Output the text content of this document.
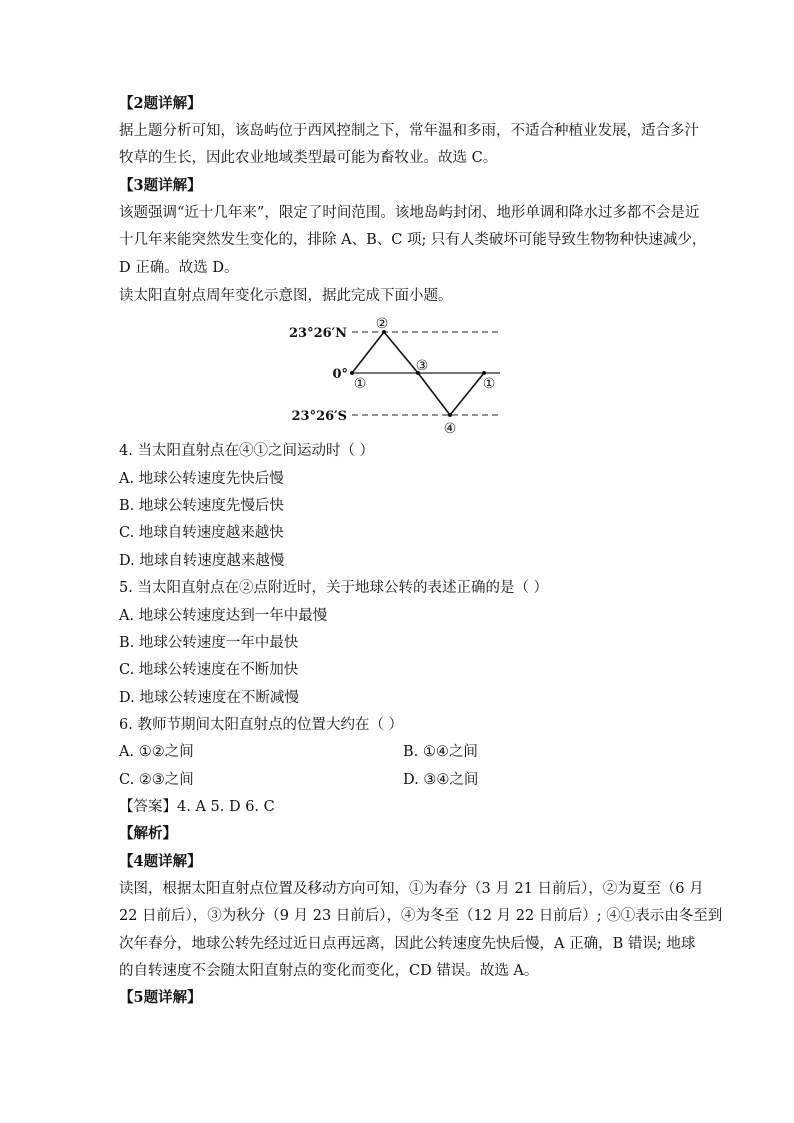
【2题详解】
据上题分析可知，该岛屿位于西风控制之下，常年温和多雨，不适合种植业发展，适合多汁
牧草的生长，因此农业地域类型最可能为畜牧业。故选 C。
【3题详解】
该题强调“近十几年来”，限定了时间范围。该地岛屿封闭、地形单调和降水过多都不会是近
十几年来能突然发生变化的，排除 A、B、C 项; 只有人类破坏可能导致生物物种快速减少，
D 正确。故选 D。
读太阳直射点周年变化示意图，据此完成下面小题。
23°26′N
0°
23°26′S
①
②
③
④
①
4. 当太阳直射点在④①之间运动时（ ）
A. 地球公转速度先快后慢
B. 地球公转速度先慢后快
C. 地球自转速度越来越快
D. 地球自转速度越来越慢
5. 当太阳直射点在②点附近时，关于地球公转的表述正确的是（ ）
A. 地球公转速度达到一年中最慢
B. 地球公转速度一年中最快
C. 地球公转速度在不断加快
D. 地球公转速度在不断减慢
6. 教师节期间太阳直射点的位置大约在（ ）
A. ①②之间	B. ①④之间
C. ②③之间	D. ③④之间
【答案】4. A 5. D 6. C
【解析】
【4题详解】
读图，根据太阳直射点位置及移动方向可知，①为春分（3 月 21 日前后），②为夏至（6 月
22 日前后），③为秋分（9 月 23 日前后），④为冬至（12 月 22 日前后）; ④①表示由冬至到
次年春分，地球公转先经过近日点再远离，因此公转速度先快后慢，A 正确，B 错误; 地球
的自转速度不会随太阳直射点的变化而变化，CD 错误。故选 A。
【5题详解】
